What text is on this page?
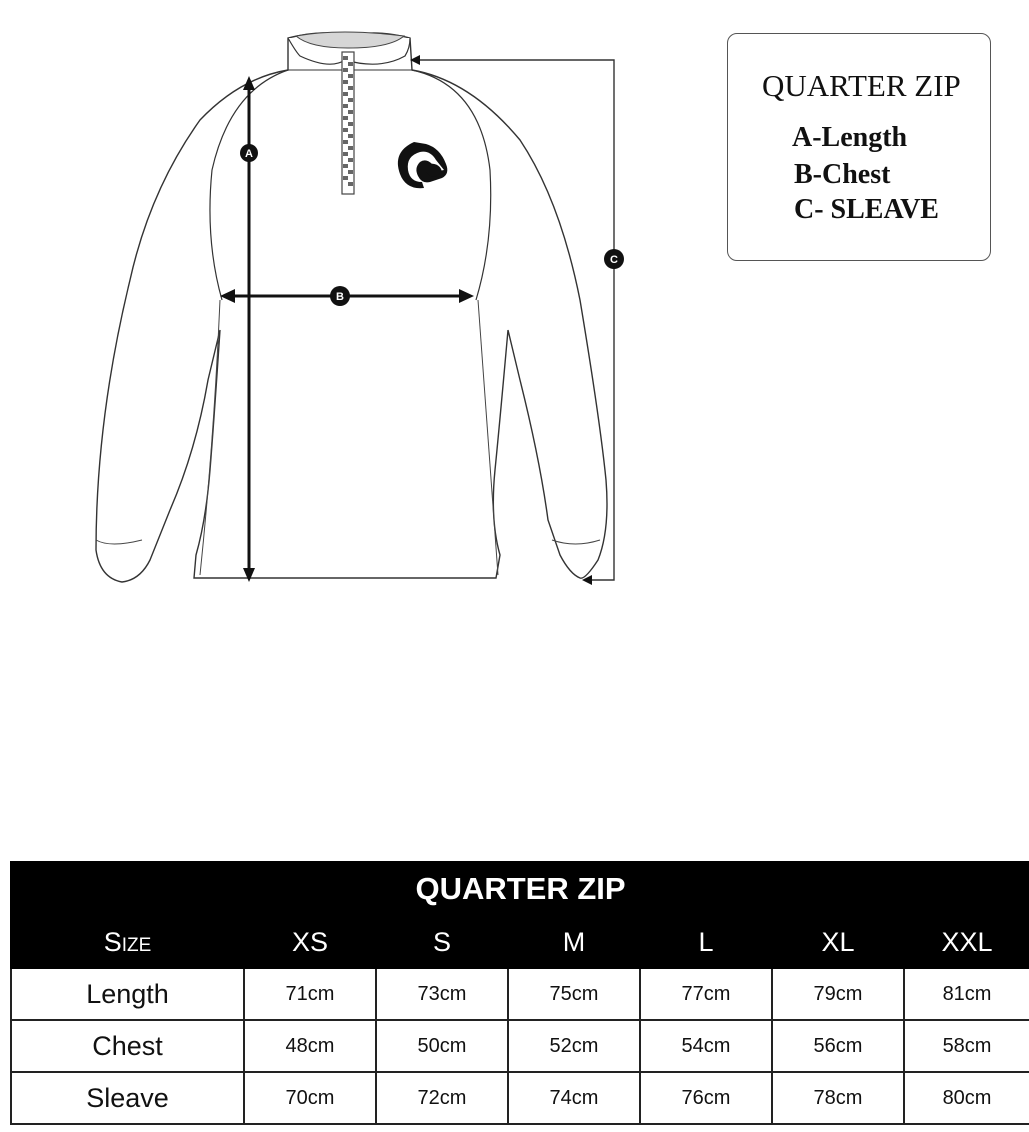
A
B
C
QUARTER ZIP
A-Length
B-Chest
C- SLEAVE
QUARTER ZIP						
Size	XS	S	M	L	XL	XXL
Length	71cm	73cm	75cm	77cm	79cm	81cm
Chest	48cm	50cm	52cm	54cm	56cm	58cm
Sleave	70cm	72cm	74cm	76cm	78cm	80cm
